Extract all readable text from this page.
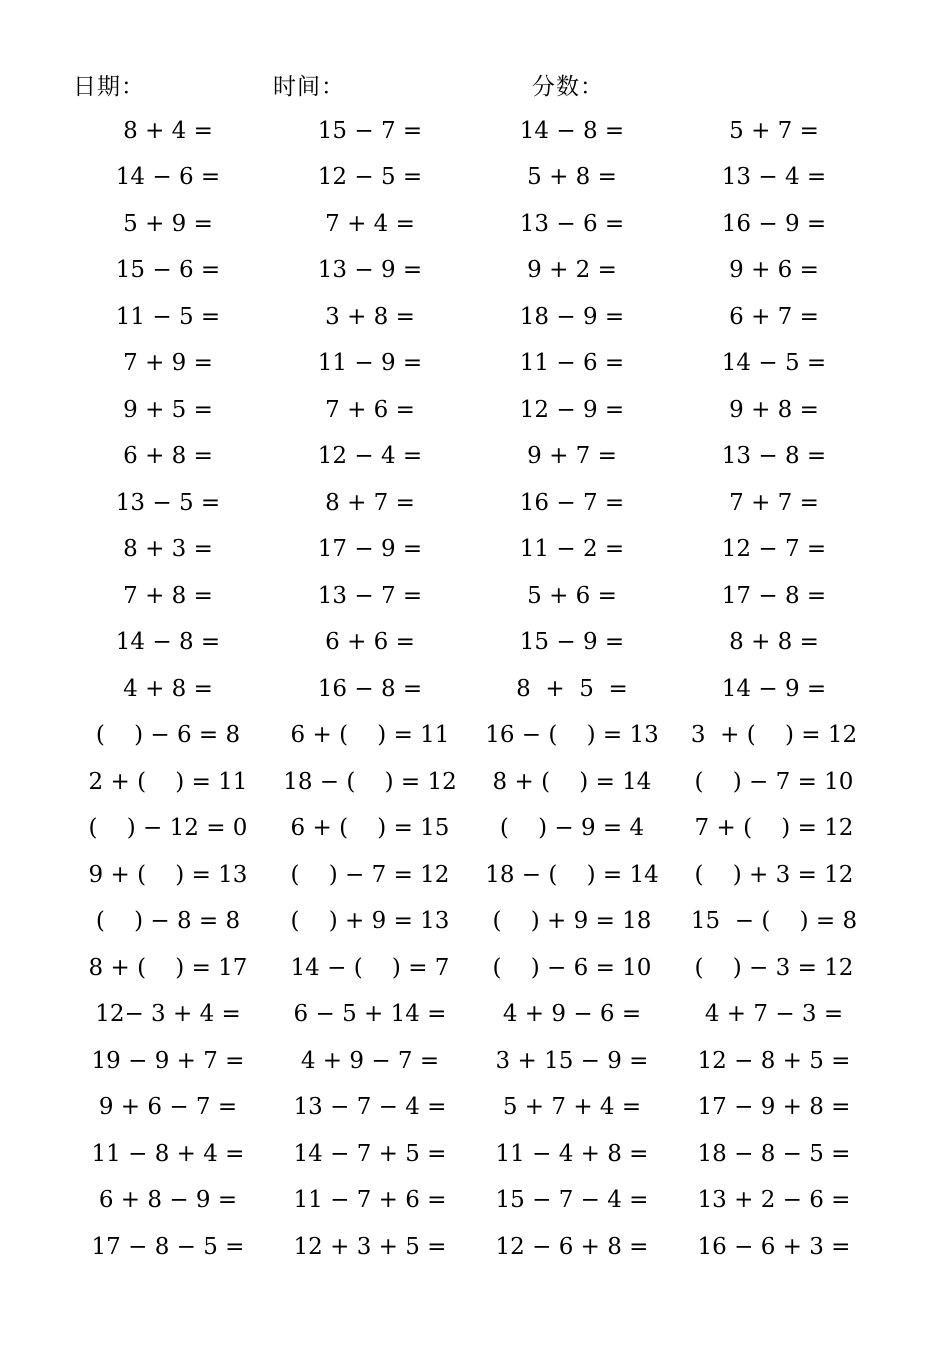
日期：	时间：	分数：
8 + 4 =	15 − 7 =	14 − 8 =	5 + 7 =
14 − 6 =	12 − 5 =	5 + 8 =	13 − 4 =
5 + 9 =	7 + 4 =	13 − 6 =	16 − 9 =
15 − 6 =	13 − 9 =	9 + 2 =	9 + 6 =
11 − 5 =	3 + 8 =	18 − 9 =	6 + 7 =
7 + 9 =	11 − 9 =	11 − 6 =	14 − 5 =
9 + 5 =	7 + 6 =	12 − 9 =	9 + 8 =
6 + 8 =	12 − 4 =	9 + 7 =	13 − 8 =
13 − 5 =	8 + 7 =	16 − 7 =	7 + 7 =
8 + 3 =	17 − 9 =	11 − 2 =	12 − 7 =
7 + 8 =	13 − 7 =	5 + 6 =	17 − 8 =
14 − 8 =	6 + 6 =	15 − 9 =	8 + 8 =
4 + 8 =	16 − 8 =	8  +  5  =	14 − 9 =
(    ) − 6 = 8	6 + (    ) = 11	16 − (    ) = 13	3  + (    ) = 12
2 + (    ) = 11	18 − (    ) = 12	8 + (    ) = 14	(    ) − 7 = 10
(    ) − 12 = 0	6 + (    ) = 15	(    ) − 9 = 4	7 + (    ) = 12
9 + (    ) = 13	(    ) − 7 = 12	18 − (    ) = 14	(    ) + 3 = 12
(    ) − 8 = 8	(    ) + 9 = 13	(    ) + 9 = 18	15  − (    ) = 8
8 + (    ) = 17	14 − (    ) = 7	(    ) − 6 = 10	(    ) − 3 = 12
12− 3 + 4 =	6 − 5 + 14 =	4 + 9 − 6 =	4 + 7 − 3 =
19 − 9 + 7 =	4 + 9 − 7 =	3 + 15 − 9 =	12 − 8 + 5 =
9 + 6 − 7 =	13 − 7 − 4 =	5 + 7 + 4 =	17 − 9 + 8 =
11 − 8 + 4 =	14 − 7 + 5 =	11 − 4 + 8 =	18 − 8 − 5 =
6 + 8 − 9 =	11 − 7 + 6 =	15 − 7 − 4 =	13 + 2 − 6 =
17 − 8 − 5 =	12 + 3 + 5 =	12 − 6 + 8 =	16 − 6 + 3 =
